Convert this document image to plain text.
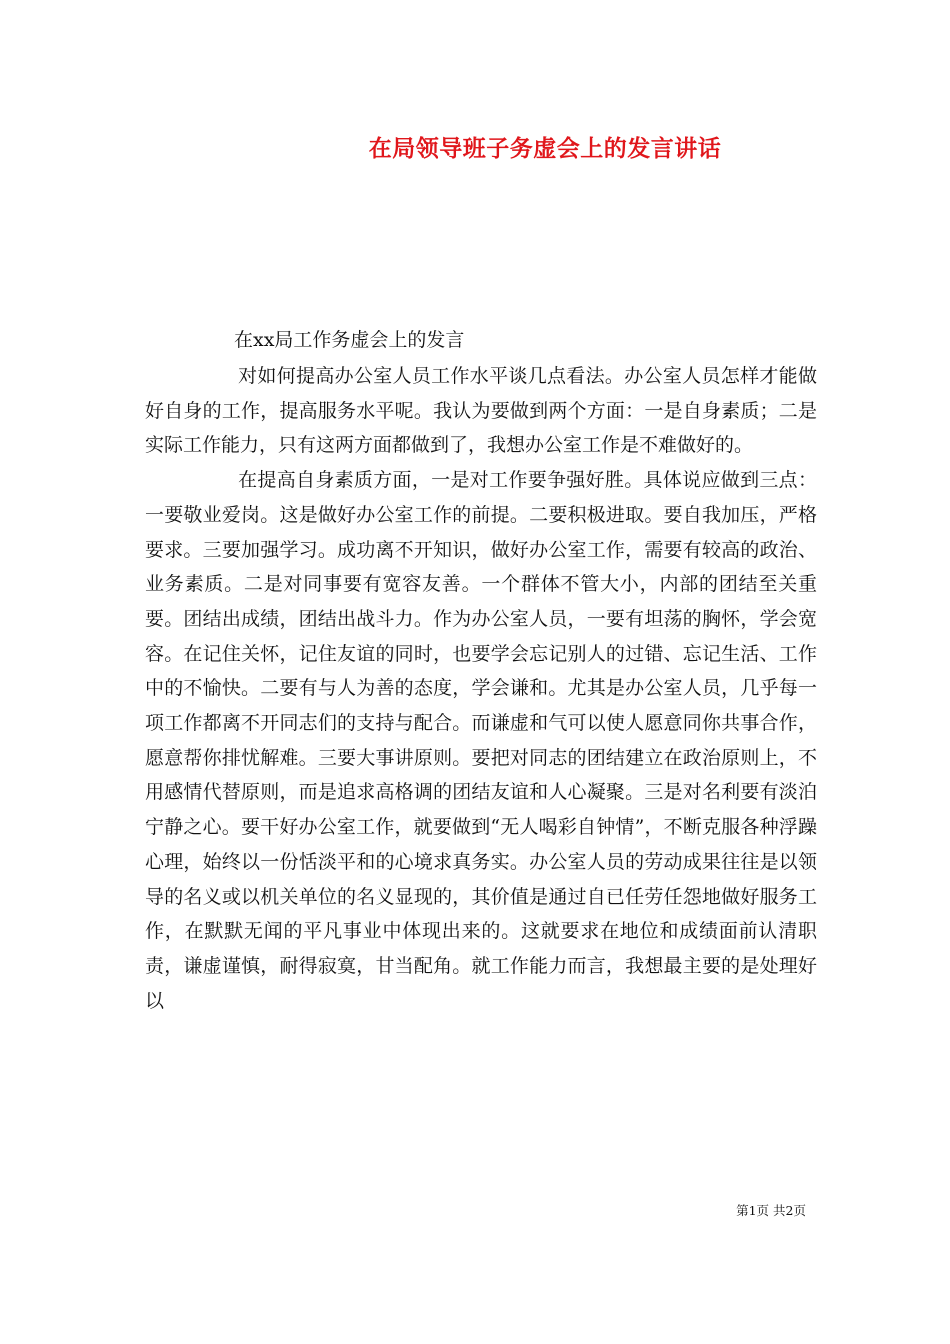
在局领导班子务虚会上的发言讲话
在xx局工作务虚会上的发言

对如何提高办公室人员工作水平谈几点看法。办公室人员怎样才能做好自身的工作，提高服务水平呢。我认为要做到两个方面：一是自身素质；二是实际工作能力，只有这两方面都做到了，我想办公室工作是不难做好的。

在提高自身素质方面，一是对工作要争强好胜。具体说应做到三点：一要敬业爱岗。这是做好办公室工作的前提。二要积极进取。要自我加压，严格要求。三要加强学习。成功离不开知识，做好办公室工作，需要有较高的政治、业务素质。二是对同事要有宽容友善。一个群体不管大小，内部的团结至关重要。团结出成绩，团结出战斗力。作为办公室人员，一要有坦荡的胸怀，学会宽容。在记住关怀，记住友谊的同时，也要学会忘记别人的过错、忘记生活、工作中的不愉快。二要有与人为善的态度，学会谦和。尤其是办公室人员，几乎每一项工作都离不开同志们的支持与配合。而谦虚和气可以使人愿意同你共事合作，愿意帮你排忧解难。三要大事讲原则。要把对同志的团结建立在政治原则上，不用感情代替原则，而是追求高格调的团结友谊和人心凝聚。三是对名利要有淡泊宁静之心。要干好办公室工作，就要做到“无人喝彩自钟情”，不断克服各种浮躁心理，始终以一份恬淡平和的心境求真务实。办公室人员的劳动成果往往是以领导的名义或以机关单位的名义显现的，其价值是通过自已任劳任怨地做好服务工作，在默默无闻的平凡事业中体现出来的。这就要求在地位和成绩面前认清职责，谦虚谨慎，耐得寂寞，甘当配角。就工作能力而言，我想最主要的是处理好以

第1页 共2页
